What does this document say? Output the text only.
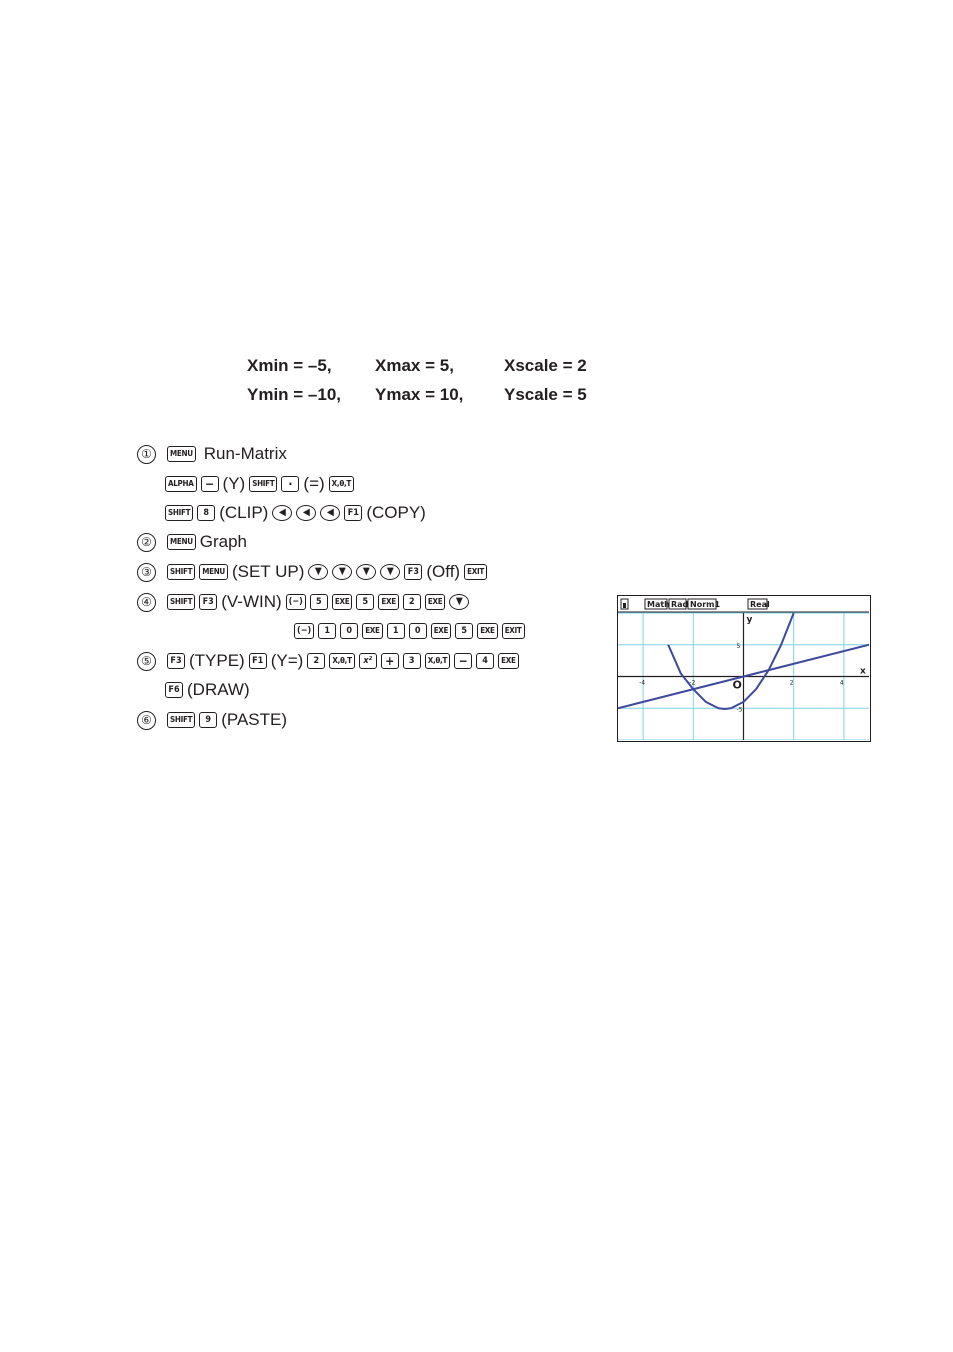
Xmin = –5,	Xmax = 5,	Xscale = 2
Ymin = –10, Ymax = 10, Yscale = 5
①	MENU Run-Matrix
ALPHA − (Y) SHIFT	· (=) X,θ,T
SHIFT	8 (CLIP)	◀	◀	◀	F1 (COPY)
②	MENU Graph
③	SHIFT	MENU (SET UP)	▼	▼	▼	▼	F3 (Off) EXIT
④	SHIFT	F3 (V-WIN) (−)	5	EXE	5	EXE	2	EXE	▼
(−)	1	0	EXE	1	0	EXE	5	EXE	EXIT
⑤	F3 (TYPE) F1 (Y=)	2	X,θ,T	x²	+	3	X,θ,T −	4	EXE
F6 (DRAW)
⑥	SHIFT	9 (PASTE)
Math Rad Norm1	Real
y
x
O
-4	-2	2	4
5
-5
